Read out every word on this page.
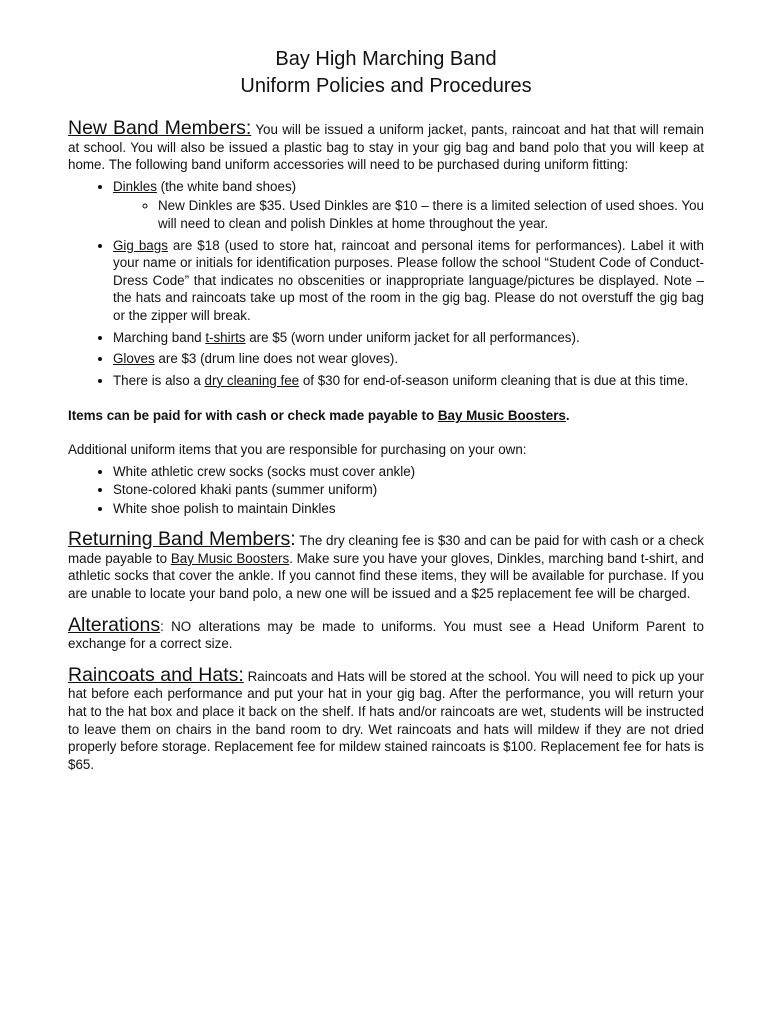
Bay High Marching Band
Uniform Policies and Procedures

New Band Members: You will be issued a uniform jacket, pants, raincoat and hat that will remain at school. You will also be issued a plastic bag to stay in your gig bag and band polo that you will keep at home. The following band uniform accessories will need to be purchased during uniform fitting:

• Dinkles (the white band shoes)
◦ New Dinkles are $35. Used Dinkles are $10 – there is a limited selection of used shoes. You will need to clean and polish Dinkles at home throughout the year.
• Gig bags are $18 (used to store hat, raincoat and personal items for performances). Label it with your name or initials for identification purposes. Please follow the school “Student Code of Conduct-Dress Code” that indicates no obscenities or inappropriate language/pictures be displayed. Note – the hats and raincoats take up most of the room in the gig bag. Please do not overstuff the gig bag or the zipper will break.
• Marching band t-shirts are $5 (worn under uniform jacket for all performances).
• Gloves are $3 (drum line does not wear gloves).
• There is also a dry cleaning fee of $30 for end-of-season uniform cleaning that is due at this time.

Items can be paid for with cash or check made payable to Bay Music Boosters.

Additional uniform items that you are responsible for purchasing on your own:

• White athletic crew socks (socks must cover ankle)
• Stone-colored khaki pants (summer uniform)
• White shoe polish to maintain Dinkles

Returning Band Members: The dry cleaning fee is $30 and can be paid for with cash or a check made payable to Bay Music Boosters. Make sure you have your gloves, Dinkles, marching band t-shirt, and athletic socks that cover the ankle. If you cannot find these items, they will be available for purchase. If you are unable to locate your band polo, a new one will be issued and a $25 replacement fee will be charged.

Alterations: NO alterations may be made to uniforms. You must see a Head Uniform Parent to exchange for a correct size.

Raincoats and Hats: Raincoats and Hats will be stored at the school. You will need to pick up your hat before each performance and put your hat in your gig bag. After the performance, you will return your hat to the hat box and place it back on the shelf. If hats and/or raincoats are wet, students will be instructed to leave them on chairs in the band room to dry. Wet raincoats and hats will mildew if they are not dried properly before storage. Replacement fee for mildew stained raincoats is $100. Replacement fee for hats is $65.
